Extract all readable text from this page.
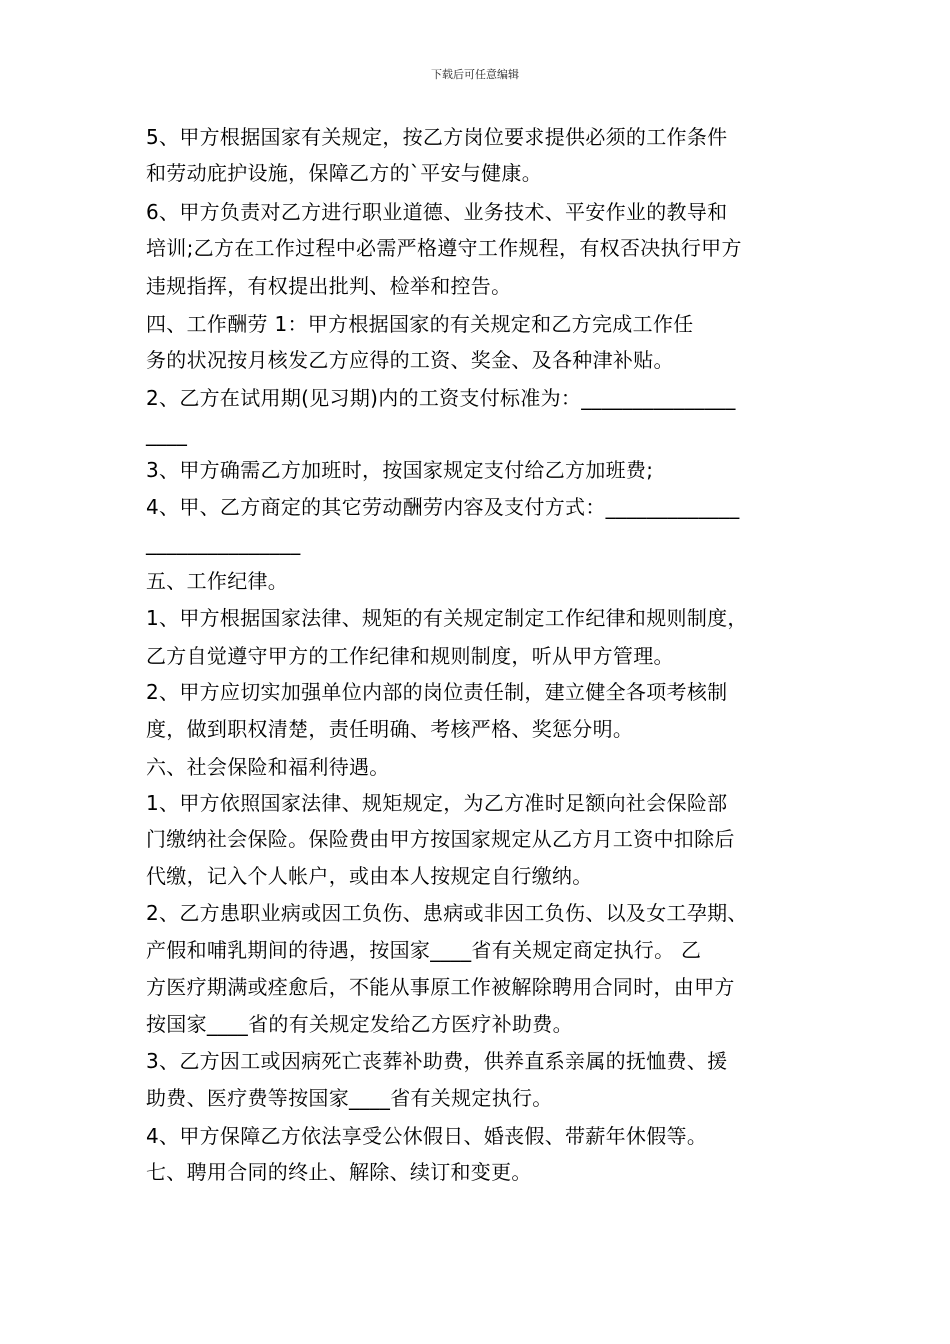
下载后可任意编辑
5、甲方根据国家有关规定，按乙方岗位要求提供必须的工作条件
和劳动庇护设施，保障乙方的`平安与健康。
6、甲方负责对乙方进行职业道德、业务技术、平安作业的教导和
培训;乙方在工作过程中必需严格遵守工作规程，有权否决执行甲方
违规指挥，有权提出批判、检举和控告。
四、工作酬劳 1：甲方根据国家的有关规定和乙方完成工作任
务的状况按月核发乙方应得的工资、奖金、及各种津补贴。
2、乙方在试用期(见习期)内的工资支付标准为：_______________
____
3、甲方确需乙方加班时，按国家规定支付给乙方加班费;
4、甲、乙方商定的其它劳动酬劳内容及支付方式：_____________
_______________
五、工作纪律。
1、甲方根据国家法律、规矩的有关规定制定工作纪律和规则制度，
乙方自觉遵守甲方的工作纪律和规则制度，听从甲方管理。
2、甲方应切实加强单位内部的岗位责任制，建立健全各项考核制
度，做到职权清楚，责任明确、考核严格、奖惩分明。
六、社会保险和福利待遇。
1、甲方依照国家法律、规矩规定，为乙方准时足额向社会保险部
门缴纳社会保险。保险费由甲方按国家规定从乙方月工资中扣除后
代缴，记入个人帐户，或由本人按规定自行缴纳。
2、乙方患职业病或因工负伤、患病或非因工负伤、以及女工孕期、
产假和哺乳期间的待遇，按国家____省有关规定商定执行。 乙
方医疗期满或痊愈后，不能从事原工作被解除聘用合同时，由甲方
按国家____省的有关规定发给乙方医疗补助费。
3、乙方因工或因病死亡丧葬补助费，供养直系亲属的抚恤费、援
助费、医疗费等按国家____省有关规定执行。
4、甲方保障乙方依法享受公休假日、婚丧假、带薪年休假等。
七、聘用合同的终止、解除、续订和变更。
